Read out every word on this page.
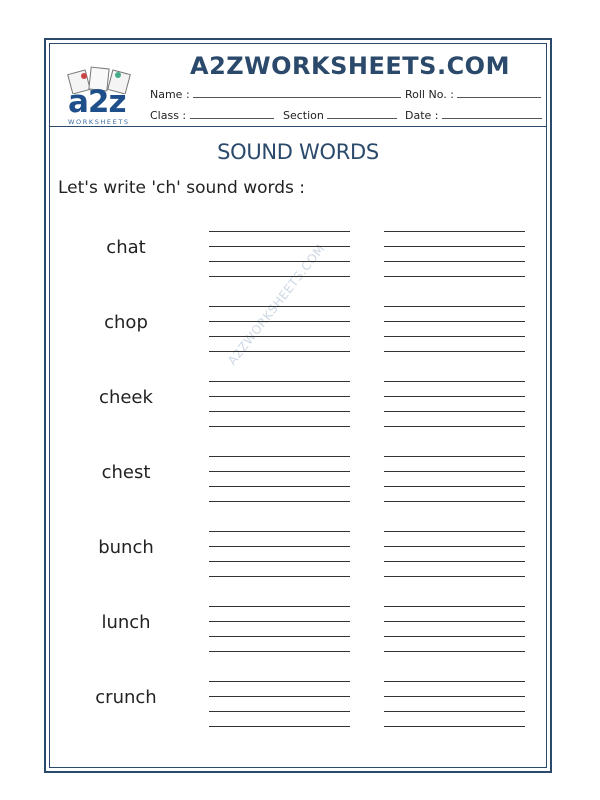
a2z
WORKSHEETS
A2ZWORKSHEETS.COM
Name :	Roll No. :
Class :	Section	Date :
SOUND WORDS
Let's write 'ch' sound words :
A2ZWORKSHEETS.COM
chat
chop
cheek
chest
bunch
lunch
crunch
